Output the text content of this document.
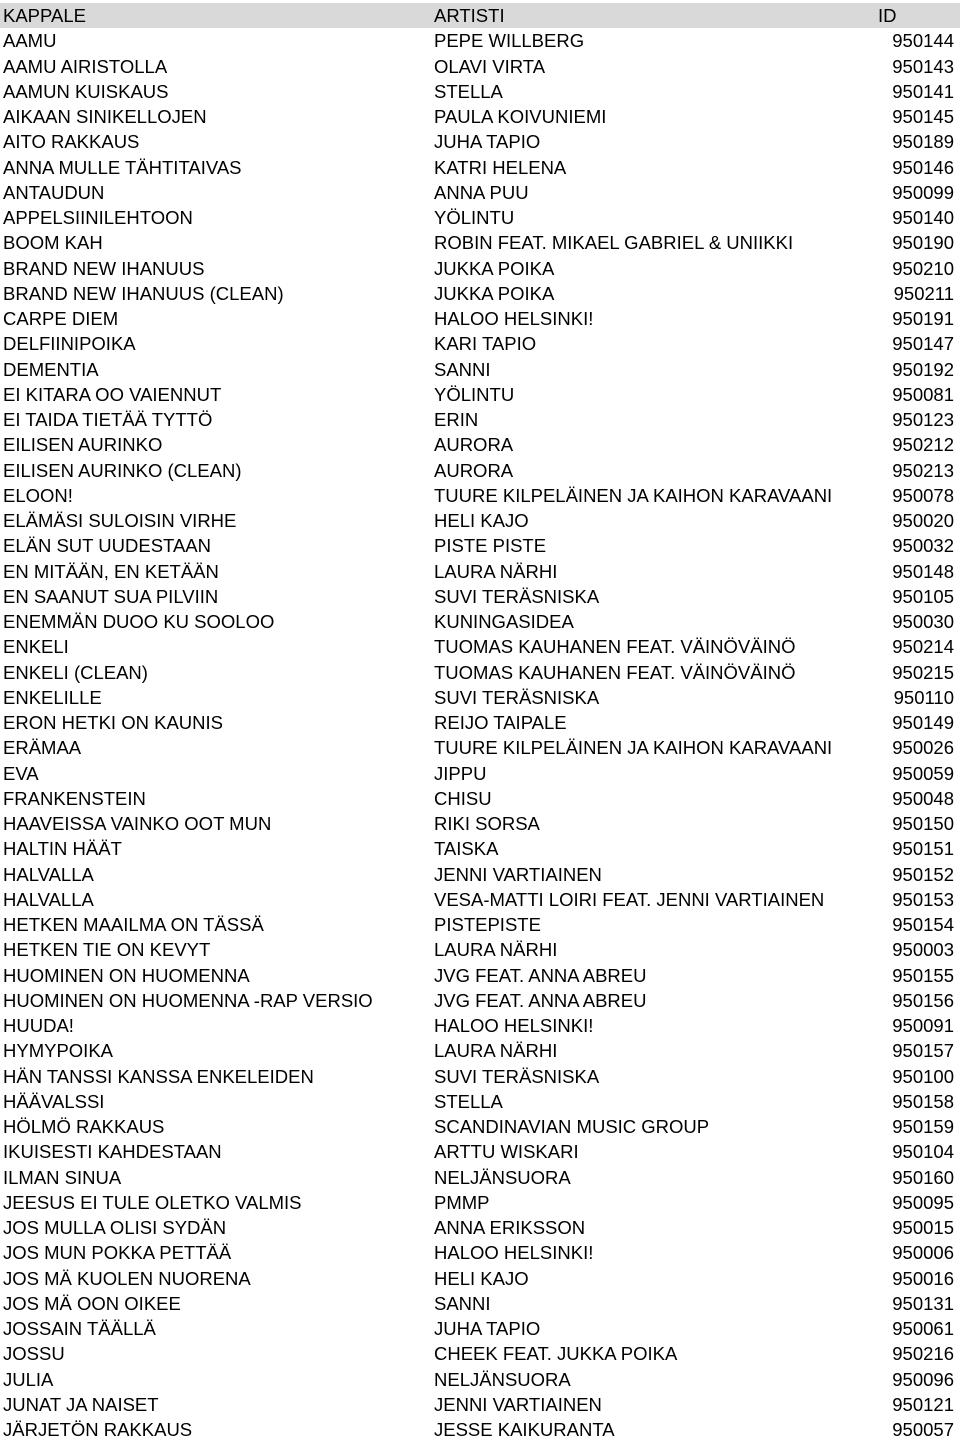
KAPPALE	ARTISTI	ID
AAMU	PEPE WILLBERG	950144
AAMU AIRISTOLLA	OLAVI VIRTA	950143
AAMUN KUISKAUS	STELLA	950141
AIKAAN SINIKELLOJEN	PAULA KOIVUNIEMI	950145
AITO RAKKAUS	JUHA TAPIO	950189
ANNA MULLE TÄHTITAIVAS	KATRI HELENA	950146
ANTAUDUN	ANNA PUU	950099
APPELSIINILEHTOON	YÖLINTU	950140
BOOM KAH	ROBIN FEAT. MIKAEL GABRIEL & UNIIKKI	950190
BRAND NEW IHANUUS	JUKKA POIKA	950210
BRAND NEW IHANUUS (CLEAN)	JUKKA POIKA	950211
CARPE DIEM	HALOO HELSINKI!	950191
DELFIINIPOIKA	KARI TAPIO	950147
DEMENTIA	SANNI	950192
EI KITARA OO VAIENNUT	YÖLINTU	950081
EI TAIDA TIETÄÄ TYTTÖ	ERIN	950123
EILISEN AURINKO	AURORA	950212
EILISEN AURINKO (CLEAN)	AURORA	950213
ELOON!	TUURE KILPELÄINEN JA KAIHON KARAVAANI	950078
ELÄMÄSI SULOISIN VIRHE	HELI KAJO	950020
ELÄN SUT UUDESTAAN	PISTE PISTE	950032
EN MITÄÄN, EN KETÄÄN	LAURA NÄRHI	950148
EN SAANUT SUA PILVIIN	SUVI TERÄSNISKA	950105
ENEMMÄN DUOO KU SOOLOO	KUNINGASIDEA	950030
ENKELI	TUOMAS KAUHANEN FEAT. VÄINÖVÄINÖ	950214
ENKELI (CLEAN)	TUOMAS KAUHANEN FEAT. VÄINÖVÄINÖ	950215
ENKELILLE	SUVI TERÄSNISKA	950110
ERON HETKI ON KAUNIS	REIJO TAIPALE	950149
ERÄMAA	TUURE KILPELÄINEN JA KAIHON KARAVAANI	950026
EVA	JIPPU	950059
FRANKENSTEIN	CHISU	950048
HAAVEISSA VAINKO OOT MUN	RIKI SORSA	950150
HALTIN HÄÄT	TAISKA	950151
HALVALLA	JENNI VARTIAINEN	950152
HALVALLA	VESA-MATTI LOIRI FEAT. JENNI VARTIAINEN	950153
HETKEN MAAILMA ON TÄSSÄ	PISTEPISTE	950154
HETKEN TIE ON KEVYT	LAURA NÄRHI	950003
HUOMINEN ON HUOMENNA	JVG FEAT. ANNA ABREU	950155
HUOMINEN ON HUOMENNA -RAP VERSIO	JVG FEAT. ANNA ABREU	950156
HUUDA!	HALOO HELSINKI!	950091
HYMYPOIKA	LAURA NÄRHI	950157
HÄN TANSSI KANSSA ENKELEIDEN	SUVI TERÄSNISKA	950100
HÄÄVALSSI	STELLA	950158
HÖLMÖ RAKKAUS	SCANDINAVIAN MUSIC GROUP	950159
IKUISESTI KAHDESTAAN	ARTTU WISKARI	950104
ILMAN SINUA	NELJÄNSUORA	950160
JEESUS EI TULE OLETKO VALMIS	PMMP	950095
JOS MULLA OLISI SYDÄN	ANNA ERIKSSON	950015
JOS MUN POKKA PETTÄÄ	HALOO HELSINKI!	950006
JOS MÄ KUOLEN NUORENA	HELI KAJO	950016
JOS MÄ OON OIKEE	SANNI	950131
JOSSAIN TÄÄLLÄ	JUHA TAPIO	950061
JOSSU	CHEEK FEAT. JUKKA POIKA	950216
JULIA	NELJÄNSUORA	950096
JUNAT JA NAISET	JENNI VARTIAINEN	950121
JÄRJETÖN RAKKAUS	JESSE KAIKURANTA	950057
